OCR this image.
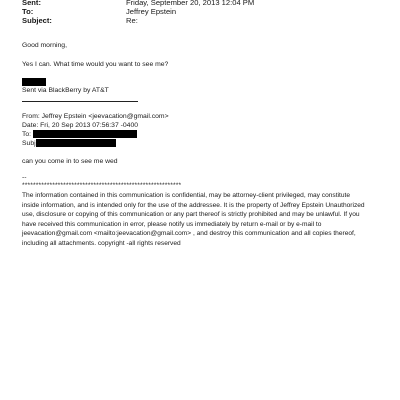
Sent:	Friday, September 20, 2013 12:04 PM
To:	Jeffrey Epstein
Subject:	Re:
Good morning,
Yes I can. What time would you want to see me?
Sent via BlackBerry by AT&T
From: Jeffrey Epstein <jeevacation@gmail.com>
Date: Fri, 20 Sep 2013 07:56:37 -0400
To:
Subj
can you come in to see me wed
--
**********************************************************
The information contained in this communication is confidential, may be attorney-client privileged, may constitute
inside information, and is intended only for the use of the addressee. It is the property of Jeffrey Epstein Unauthorized
use, disclosure or copying of this communication or any part thereof is strictly prohibited and may be unlawful. If you
have received this communication in error, please notify us immediately by return e-mail or by e-mail to
jeevacation@gmail.com <mailto:jeevacation@gmail.com> , and destroy this communication and all copies thereof,
including all attachments. copyright -all rights reserved
